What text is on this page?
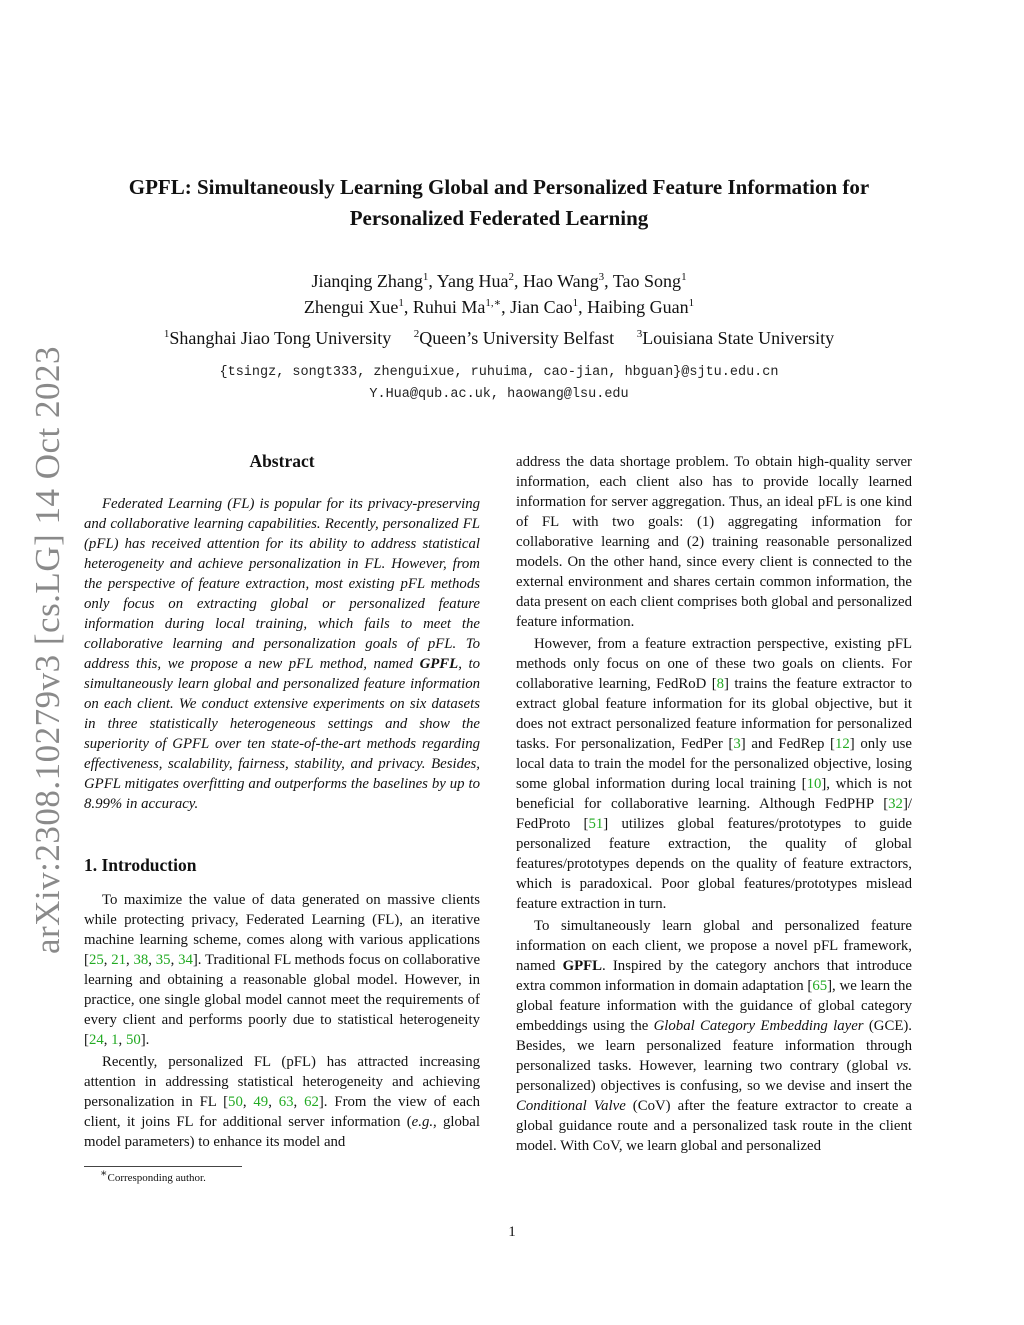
arXiv:2308.10279v3 [cs.LG] 14 Oct 2023
GPFL: Simultaneously Learning Global and Personalized Feature Information for
Personalized Federated Learning
Jianqing Zhang$^1$, Yang Hua$^2$, Hao Wang$^3$, Tao Song$^1$
Zhengui Xue$^1$, Ruhui $Ma^{1,∗}$, Jian Cao$^1$, Haibing Guan$^1$
$^1$Shanghai Jiao Tong University $^2$Queen’s University Belfast $^3$Louisiana State University
{tsingz, songt333, zhenguixue, ruhuima, cao-jian, hbguan}@sjtu.edu.cn
Y.Hua@qub.ac.uk, haowang@lsu.edu
Abstract

Federated Learning (FL) is popular for its privacy-preserving and collaborative learning capabilities. Recently, personalized FL (pFL) has received attention for its ability to address statistical heterogeneity and achieve personalization in FL. However, from the perspective of feature extraction, most existing pFL methods only focus on extracting global or personalized feature information during local training, which fails to meet the collaborative learning and personalization goals of pFL. To address this, we propose a new pFL method, named GPFL, to simultaneously learn global and personalized feature information on each client. We conduct extensive experiments on six datasets in three statistically heterogeneous settings and show the superiority of GPFL over ten state-of-the-art methods regarding effectiveness, scalability, fairness, stability, and privacy. Besides, GPFL mitigates overfitting and outperforms the baselines by up to 8.99% in accuracy.

1. Introduction

To maximize the value of data generated on massive clients while protecting privacy, Federated Learning (FL), an iterative machine learning scheme, comes along with various applications [25, 21, 38, 35, 34]. Traditional FL methods focus on collaborative learning and obtaining a reasonable global model. However, in practice, one single global model cannot meet the requirements of every client and performs poorly due to statistical heterogeneity [24, 1, 50].

Recently, personalized FL (pFL) has attracted increasing attention in addressing statistical heterogeneity and achieving personalization in FL [50, 49, 63, 62]. From the view of each client, it joins FL for additional server information (e.g., global model parameters) to enhance its model and

∗Corresponding author.

address the data shortage problem. To obtain high-quality server information, each client also has to provide locally learned information for server aggregation. Thus, an ideal pFL is one kind of FL with two goals: (1) aggregating information for collaborative learning and (2) training reasonable personalized models. On the other hand, since every client is connected to the external environment and shares certain common information, the data present on each client comprises both global and personalized feature information.

However, from a feature extraction perspective, existing pFL methods only focus on one of these two goals on clients. For collaborative learning, FedRoD [8] trains the feature extractor to extract global feature information for its global objective, but it does not extract personalized feature information for personalized tasks. For personalization, FedPer [3] and FedRep [12] only use local data to train the model for the personalized objective, losing some global information during local training [10], which is not beneficial for collaborative learning. Although FedPHP [32]/ FedProto [51] utilizes global features/prototypes to guide personalized feature extraction, the quality of global features/prototypes depends on the quality of feature extractors, which is paradoxical. Poor global features/prototypes mislead feature extraction in turn.

To simultaneously learn global and personalized feature information on each client, we propose a novel pFL framework, named GPFL. Inspired by the category anchors that introduce extra common information in domain adaptation [65], we learn the global feature information with the guidance of global category embeddings using the Global Category Embedding layer (GCE). Besides, we learn personalized feature information through personalized tasks. However, learning two contrary (global vs. personalized) objectives is confusing, so we devise and insert the Conditional Valve (CoV) after the feature extractor to create a global guidance route and a personalized task route in the client model. With CoV, we learn global and personalized

1
